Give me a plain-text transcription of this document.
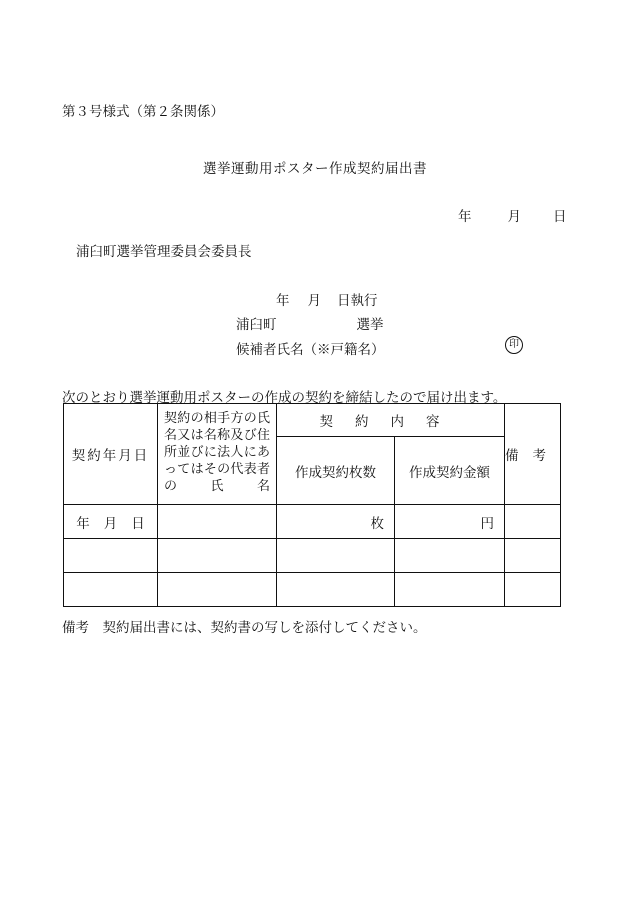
第３号様式（第２条関係）
選挙運動用ポスター作成契約届出書
年	月 日
浦臼町選挙管理委員会委員長
年 月 日執行
浦臼町	選挙
候補者氏名（※戸籍名）	印
次のとおり選挙運動用ポスターの作成の契約を締結したので届け出ます。
契約年月日	契約の相手方の氏名又は名称及び住所並びに法人にあってはその代表者の氏名	契約内容		備考
		作成契約枚数	作成契約金額	
年 月 日		枚	円	

備考　契約届出書には、契約書の写しを添付してください。
